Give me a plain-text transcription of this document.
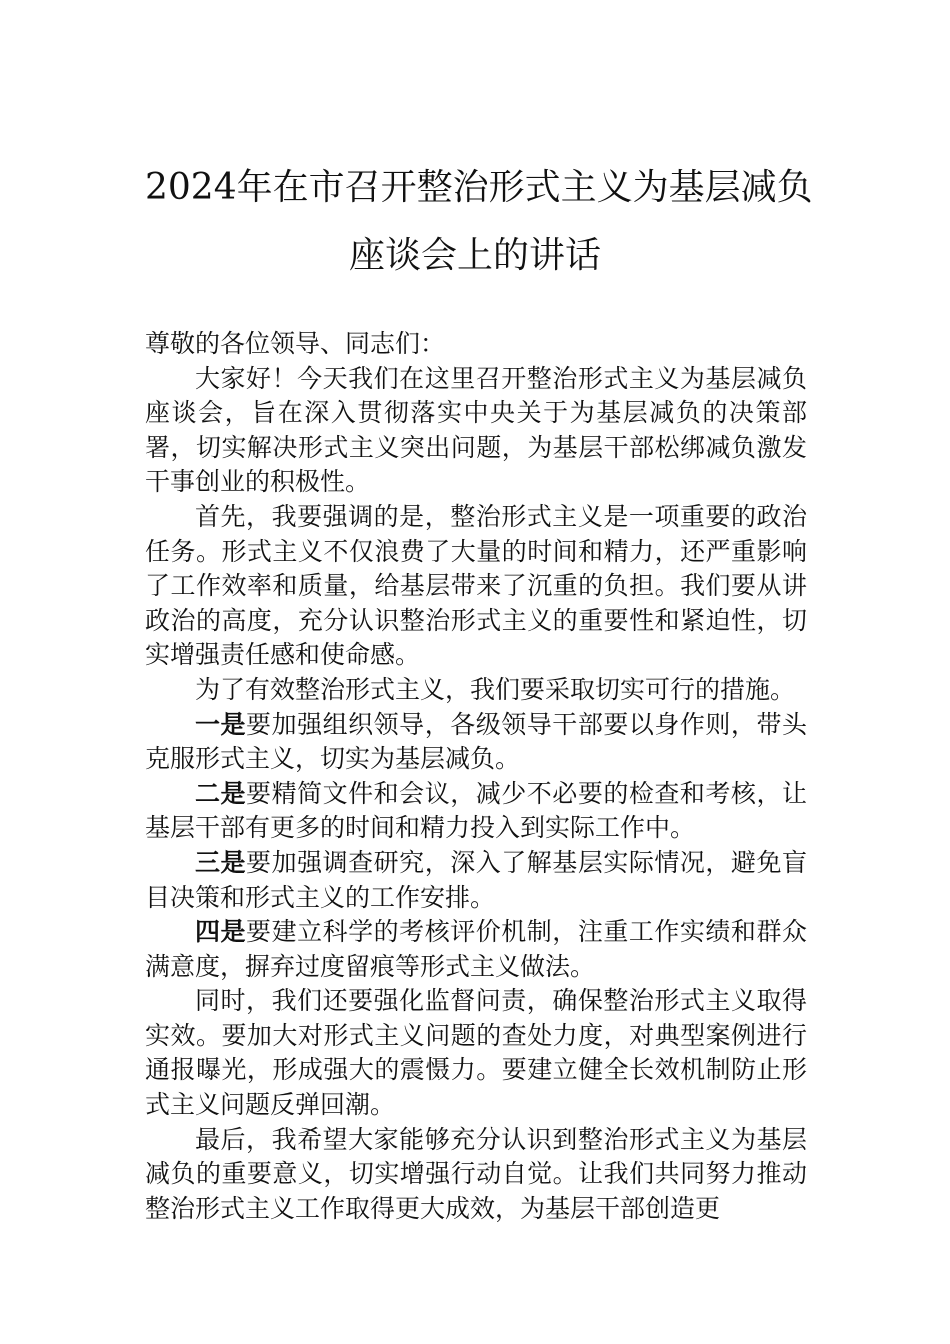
2024年在市召开整治形式主义为基层减负
座谈会上的讲话

尊敬的各位领导、同志们：

大家好！今天我们在这里召开整治形式主义为基层减负座谈会，旨在深入贯彻落实中央关于为基层减负的决策部署，切实解决形式主义突出问题，为基层干部松绑减负激发干事创业的积极性。

首先，我要强调的是，整治形式主义是一项重要的政治任务。形式主义不仅浪费了大量的时间和精力，还严重影响了工作效率和质量，给基层带来了沉重的负担。我们要从讲政治的高度，充分认识整治形式主义的重要性和紧迫性，切实增强责任感和使命感。

为了有效整治形式主义，我们要采取切实可行的措施。

一是要加强组织领导，各级领导干部要以身作则，带头克服形式主义，切实为基层减负。

二是要精简文件和会议，减少不必要的检查和考核，让基层干部有更多的时间和精力投入到实际工作中。

三是要加强调查研究，深入了解基层实际情况，避免盲目决策和形式主义的工作安排。

四是要建立科学的考核评价机制，注重工作实绩和群众满意度，摒弃过度留痕等形式主义做法。

同时，我们还要强化监督问责，确保整治形式主义取得实效。要加大对形式主义问题的查处力度，对典型案例进行通报曝光，形成强大的震慑力。要建立健全长效机制防止形式主义问题反弹回潮。

最后，我希望大家能够充分认识到整治形式主义为基层减负的重要意义，切实增强行动自觉。让我们共同努力推动整治形式主义工作取得更大成效，为基层干部创造更
